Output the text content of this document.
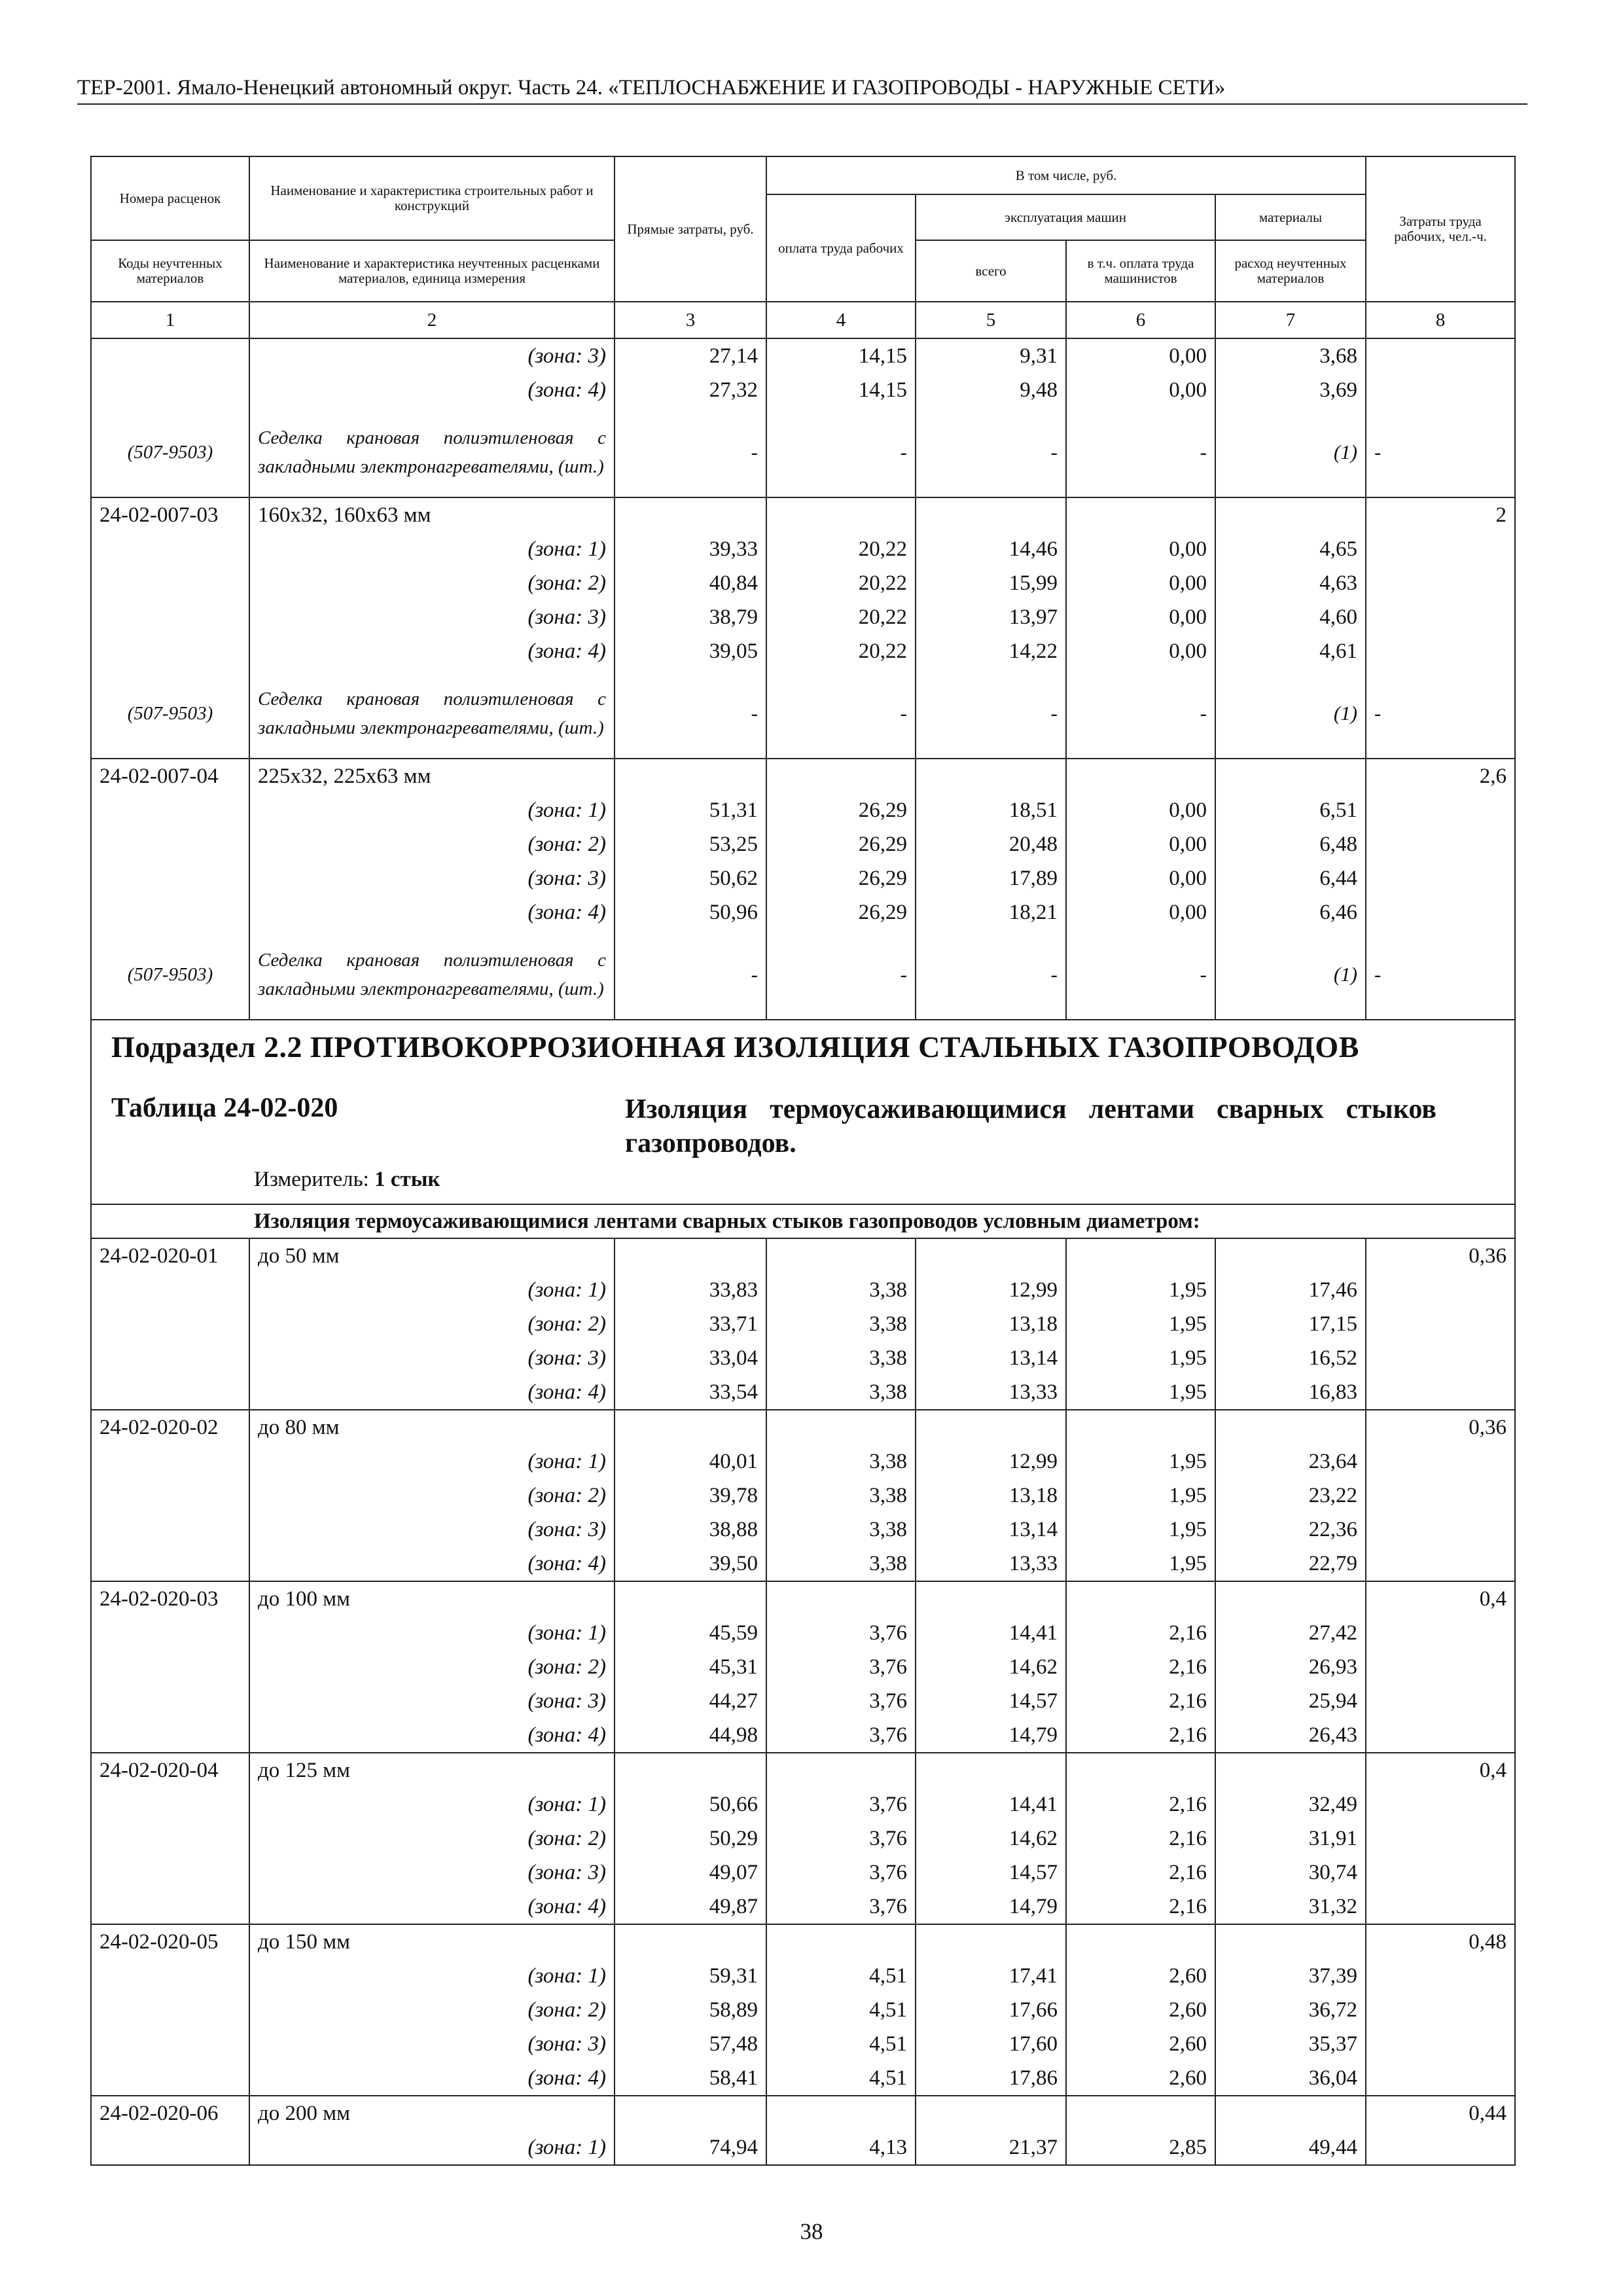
ТЕР-2001. Ямало-Ненецкий автономный округ. Часть 24. «ТЕПЛОСНАБЖЕНИЕ И ГАЗОПРОВОДЫ - НАРУЖНЫЕ СЕТИ»
Номера расценок	Наименование и характеристика строительных работ и конструкций	Прямые затраты, руб.	В том числе, руб.				Затраты труда рабочих, чел.-ч.
			оплата труда рабочих	эксплуатация машин		материалы	
Коды неучтенных материалов	Наименование и характеристика неучтенных расценками материалов, единица измерения			всего	в т.ч. оплата труда машинистов	расход неучтенных материалов	
1	2	3	4	5	6	7	8
	(зона: 3)	27,14	14,15	9,31	0,00	3,68	
	(зона: 4)	27,32	14,15	9,48	0,00	3,69	
(507-9503)	Седелка крановая полиэтиленовая с закладными электронагревателями, (шт.)	-	-	-	-	(1)	-
24-02-007-03	160x32, 160x63 мм						2
	(зона: 1)	39,33	20,22	14,46	0,00	4,65	
	(зона: 2)	40,84	20,22	15,99	0,00	4,63	
	(зона: 3)	38,79	20,22	13,97	0,00	4,60	
	(зона: 4)	39,05	20,22	14,22	0,00	4,61	
(507-9503)	Седелка крановая полиэтиленовая с закладными электронагревателями, (шт.)	-	-	-	-	(1)	-
24-02-007-04	225x32, 225x63 мм						2,6
	(зона: 1)	51,31	26,29	18,51	0,00	6,51	
	(зона: 2)	53,25	26,29	20,48	0,00	6,48	
	(зона: 3)	50,62	26,29	17,89	0,00	6,44	
	(зона: 4)	50,96	26,29	18,21	0,00	6,46	
(507-9503)	Седелка крановая полиэтиленовая с закладными электронагревателями, (шт.)	-	-	-	-	(1)	-

Подраздел 2.2 ПРОТИВОКОРРОЗИОННАЯ ИЗОЛЯЦИЯ СТАЛЬНЫХ ГАЗОПРОВОДОВ
Таблица 24-02-020 Изоляция термоусаживающимися лентами сварных стыков газопроводов.
Измеритель: 1 стык							

Изоляция термоусаживающимися лентами сварных стыков газопроводов условным диаметром:							
24-02-020-01	до 50 мм						0,36
	(зона: 1)	33,83	3,38	12,99	1,95	17,46	
	(зона: 2)	33,71	3,38	13,18	1,95	17,15	
	(зона: 3)	33,04	3,38	13,14	1,95	16,52	
	(зона: 4)	33,54	3,38	13,33	1,95	16,83	
24-02-020-02	до 80 мм						0,36
	(зона: 1)	40,01	3,38	12,99	1,95	23,64	
	(зона: 2)	39,78	3,38	13,18	1,95	23,22	
	(зона: 3)	38,88	3,38	13,14	1,95	22,36	
	(зона: 4)	39,50	3,38	13,33	1,95	22,79	
24-02-020-03	до 100 мм						0,4
	(зона: 1)	45,59	3,76	14,41	2,16	27,42	
	(зона: 2)	45,31	3,76	14,62	2,16	26,93	
	(зона: 3)	44,27	3,76	14,57	2,16	25,94	
	(зона: 4)	44,98	3,76	14,79	2,16	26,43	
24-02-020-04	до 125 мм						0,4
	(зона: 1)	50,66	3,76	14,41	2,16	32,49	
	(зона: 2)	50,29	3,76	14,62	2,16	31,91	
	(зона: 3)	49,07	3,76	14,57	2,16	30,74	
	(зона: 4)	49,87	3,76	14,79	2,16	31,32	
24-02-020-05	до 150 мм						0,48
	(зона: 1)	59,31	4,51	17,41	2,60	37,39	
	(зона: 2)	58,89	4,51	17,66	2,60	36,72	
	(зона: 3)	57,48	4,51	17,60	2,60	35,37	
	(зона: 4)	58,41	4,51	17,86	2,60	36,04	
24-02-020-06	до 200 мм						0,44
	(зона: 1)	74,94	4,13	21,37	2,85	49,44	
38
